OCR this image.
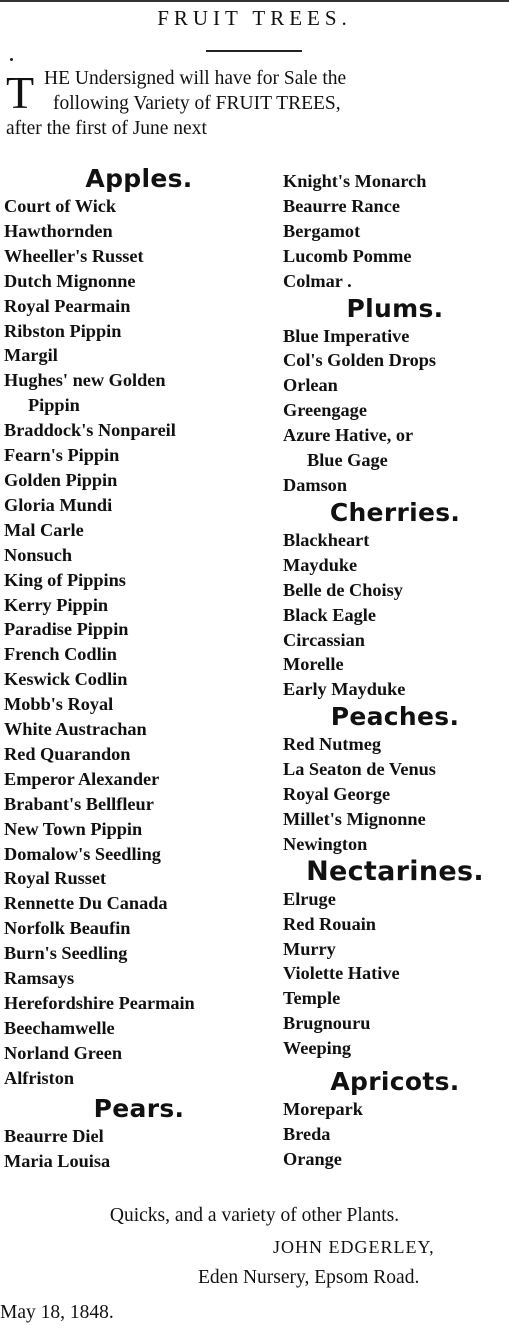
FRUIT TREES.
T HE Undersigned will have for Sale the
following Variety of FRUIT TREES,
after the first of June next
Apples.
Court of Wick
Hawthornden
Wheeller's Russet
Dutch Mignonne
Royal Pearmain
Ribston Pippin
Margil
Hughes' new Golden
Pippin
Braddock's Nonpareil
Fearn's Pippin
Golden Pippin
Gloria Mundi
Mal Carle
Nonsuch
King of Pippins
Kerry Pippin
Paradise Pippin
French Codlin
Keswick Codlin
Mobb's Royal
White Austrachan
Red Quarandon
Emperor Alexander
Brabant's Bellfleur
New Town Pippin
Domalow's Seedling
Royal Russet
Rennette Du Canada
Norfolk Beaufin
Burn's Seedling
Ramsays
Herefordshire Pearmain
Beechamwelle
Norland Green
Alfriston
Pears.
Beaurre Diel
Maria Louisa
Knight's Monarch
Beaurre Rance
Bergamot
Lucomb Pomme
Colmar .
Plums.
Blue Imperative
Col's Golden Drops
Orlean
Greengage
Azure Hative, or
Blue Gage
Damson
Cherries.
Blackheart
Mayduke
Belle de Choisy
Black Eagle
Circassian
Morelle
Early Mayduke
Peaches.
Red Nutmeg
La Seaton de Venus
Royal George
Millet's Mignonne
Newington
Nectarines.
Elruge
Red Rouain
Murry
Violette Hative
Temple
Brugnouru
Weeping
Apricots.
Morepark
Breda
Orange
Quicks, and a variety of other Plants.
JOHN EDGERLEY,
Eden Nursery, Epsom Road.
May 18, 1848.
